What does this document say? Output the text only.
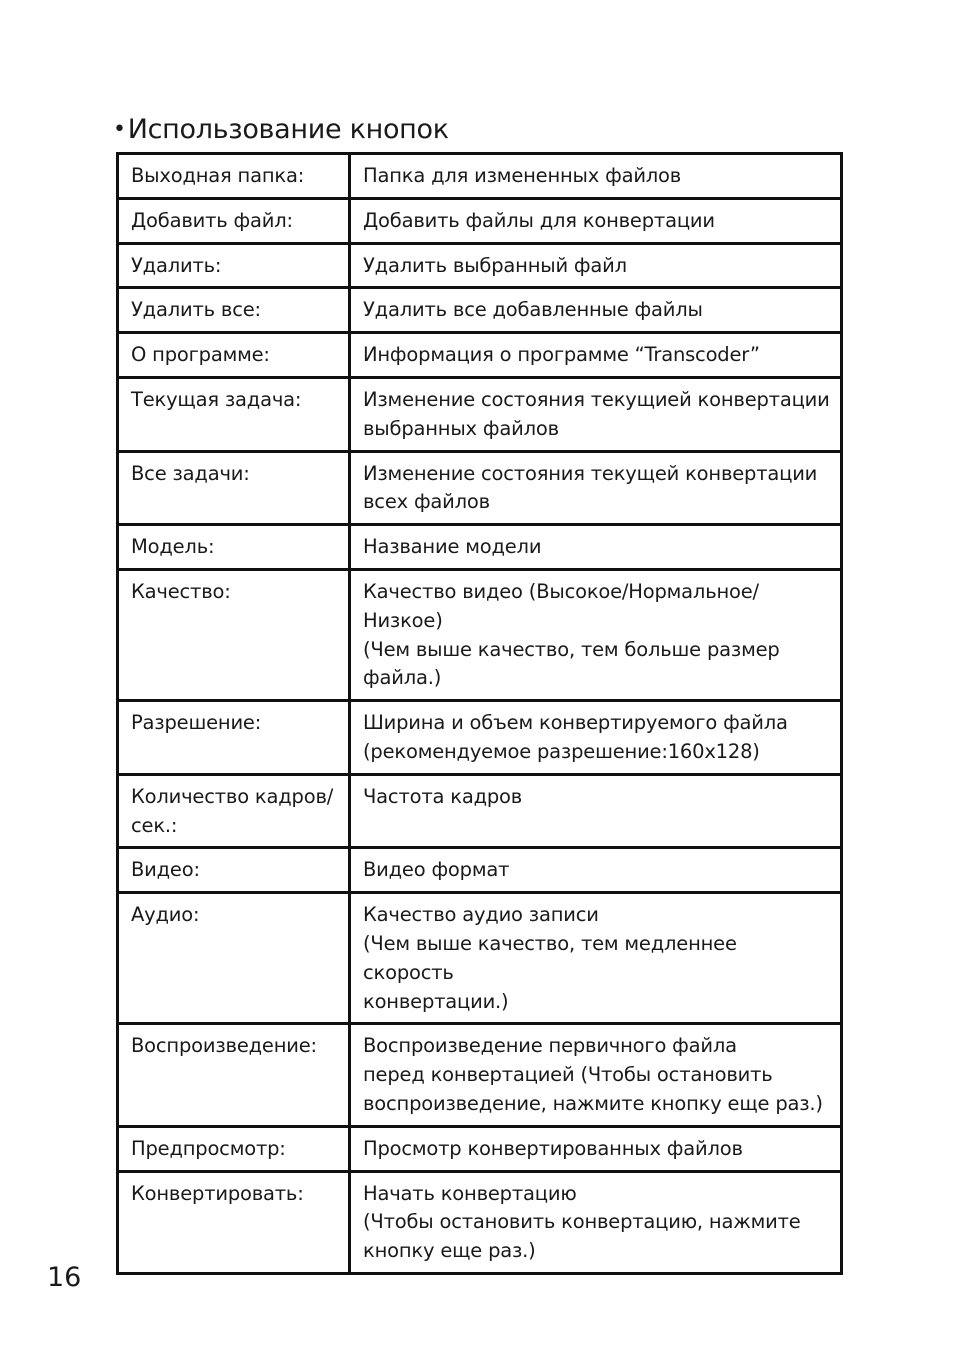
•Использование кнопок
Выходная папка:	Папка для измененных файлов
Добавить файл:	Добавить файлы для конвертации
Удалить:	Удалить выбранный файл
Удалить все:	Удалить все добавленные файлы
О программе:	Информация о программе “Transcoder”
Текущая задача:	Изменение состояния текущией конвертации
выбранных файлов
Все задачи:	Изменение состояния текущей конвертации
всех файлов
Модель:	Название модели
Качество:	Качество видео (Высокое/Нормальное/
Низкое)
(Чем выше качество, тем больше размер
файла.)
Разрешение:	Ширина и объем конвертируемого файла
(рекомендуемое разрешение:160x128)
Количество кадров/
сек.:	Частота кадров
Видео:	Видео формат
Аудио:	Качество аудио записи
(Чем выше качество, тем медленнее скорость
конвертации.)
Воспроизведение:	Воспроизведение первичного файла
перед конвертацией (Чтобы остановить
воспроизведение, нажмите кнопку еще раз.)
Предпросмотр:	Просмотр конвертированных файлов
Конвертировать:	Начать конвертацию
(Чтобы остановить конвертацию, нажмите
кнопку еще раз.)
16
